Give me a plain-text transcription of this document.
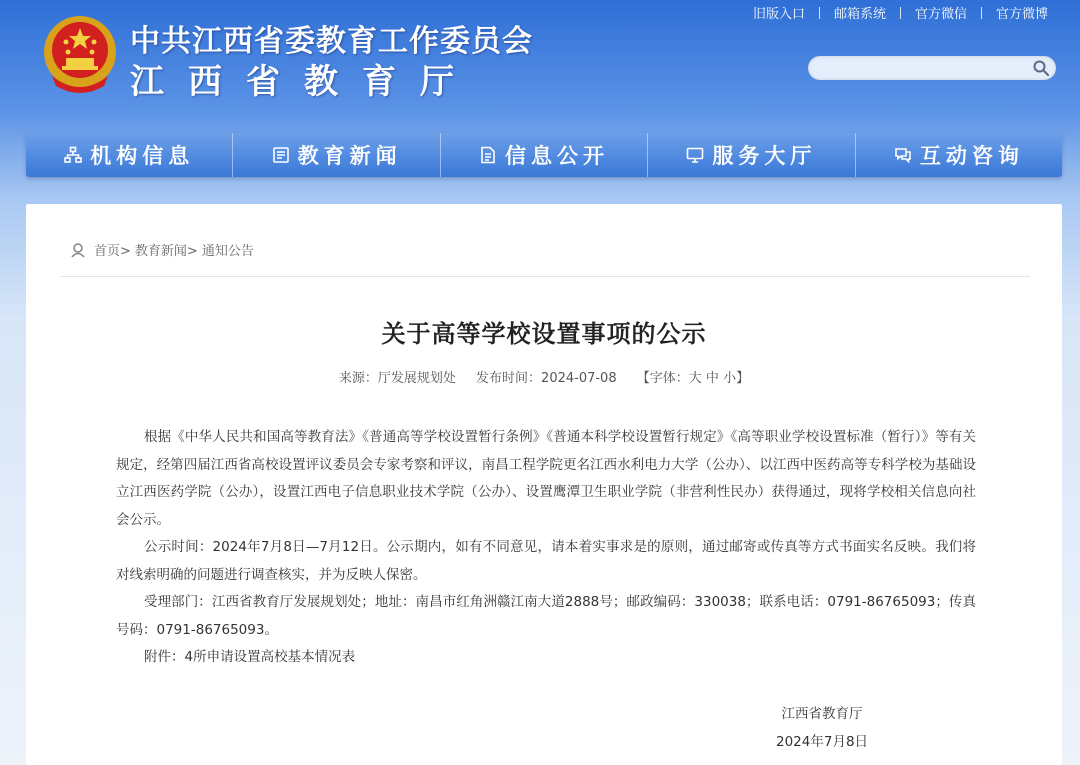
中共江西省委教育工作委员会
江西省教育厅
旧版入口	邮箱系统	官方微信	官方微博
机构信息	教育新闻	信息公开	服务大厅	互动咨询
首页> 教育新闻> 通知公告
关于高等学校设置事项的公示
来源：厅发展规划处 发布时间：2024-07-08 【字体：大 中 小】

根据《中华人民共和国高等教育法》《普通高等学校设置暂行条例》《普通本科学校设置暂行规定》《高等职业学校设置标准（暂行）》等有关规定，经第四届江西省高校设置评议委员会专家考察和评议，南昌工程学院更名江西水利电力大学（公办）、以江西中医药高等专科学校为基础设立江西医药学院（公办），设置江西电子信息职业技术学院（公办）、设置鹰潭卫生职业学院（非营利性民办）获得通过，现将学校相关信息向社会公示。

公示时间：2024年7月8日—7月12日。公示期内，如有不同意见，请本着实事求是的原则，通过邮寄或传真等方式书面实名反映。我们将对线索明确的问题进行调查核实，并为反映人保密。

受理部门：江西省教育厅发展规划处；地址：南昌市红角洲赣江南大道2888号；邮政编码：330038；联系电话：0791-86765093；传真号码：0791-86765093。

附件：4所申请设置高校基本情况表

江西省教育厅
2024年7月8日
